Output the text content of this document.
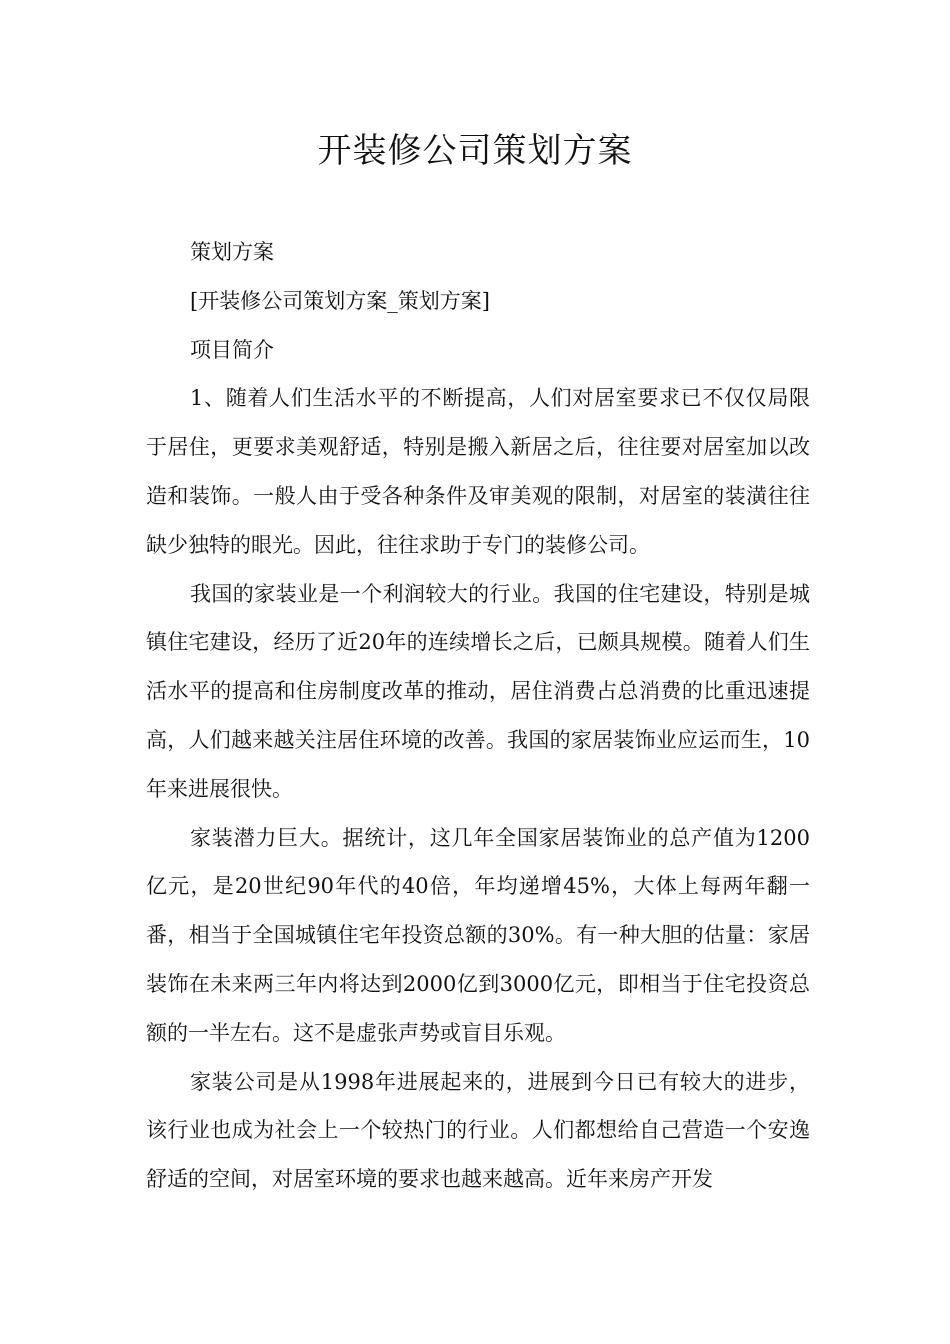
开装修公司策划方案

策划方案

[开装修公司策划方案_策划方案]

项目简介

1、随着人们生活水平的不断提高，人们对居室要求已不仅仅局限于居住，更要求美观舒适，特别是搬入新居之后，往往要对居室加以改造和装饰。一般人由于受各种条件及审美观的限制，对居室的装潢往往缺少独特的眼光。因此，往往求助于专门的装修公司。

我国的家装业是一个利润较大的行业。我国的住宅建设，特别是城镇住宅建设，经历了近20年的连续增长之后，已颇具规模。随着人们生活水平的提高和住房制度改革的推动，居住消费占总消费的比重迅速提高，人们越来越关注居住环境的改善。我国的家居装饰业应运而生，10年来进展很快。

家装潜力巨大。据统计，这几年全国家居装饰业的总产值为1200亿元，是20世纪90年代的40倍，年均递增45%，大体上每两年翻一番，相当于全国城镇住宅年投资总额的30%。有一种大胆的估量：家居装饰在未来两三年内将达到2000亿到3000亿元，即相当于住宅投资总额的一半左右。这不是虚张声势或盲目乐观。

家装公司是从1998年进展起来的，进展到今日已有较大的进步，该行业也成为社会上一个较热门的行业。人们都想给自己营造一个安逸舒适的空间，对居室环境的要求也越来越高。近年来房产开发
